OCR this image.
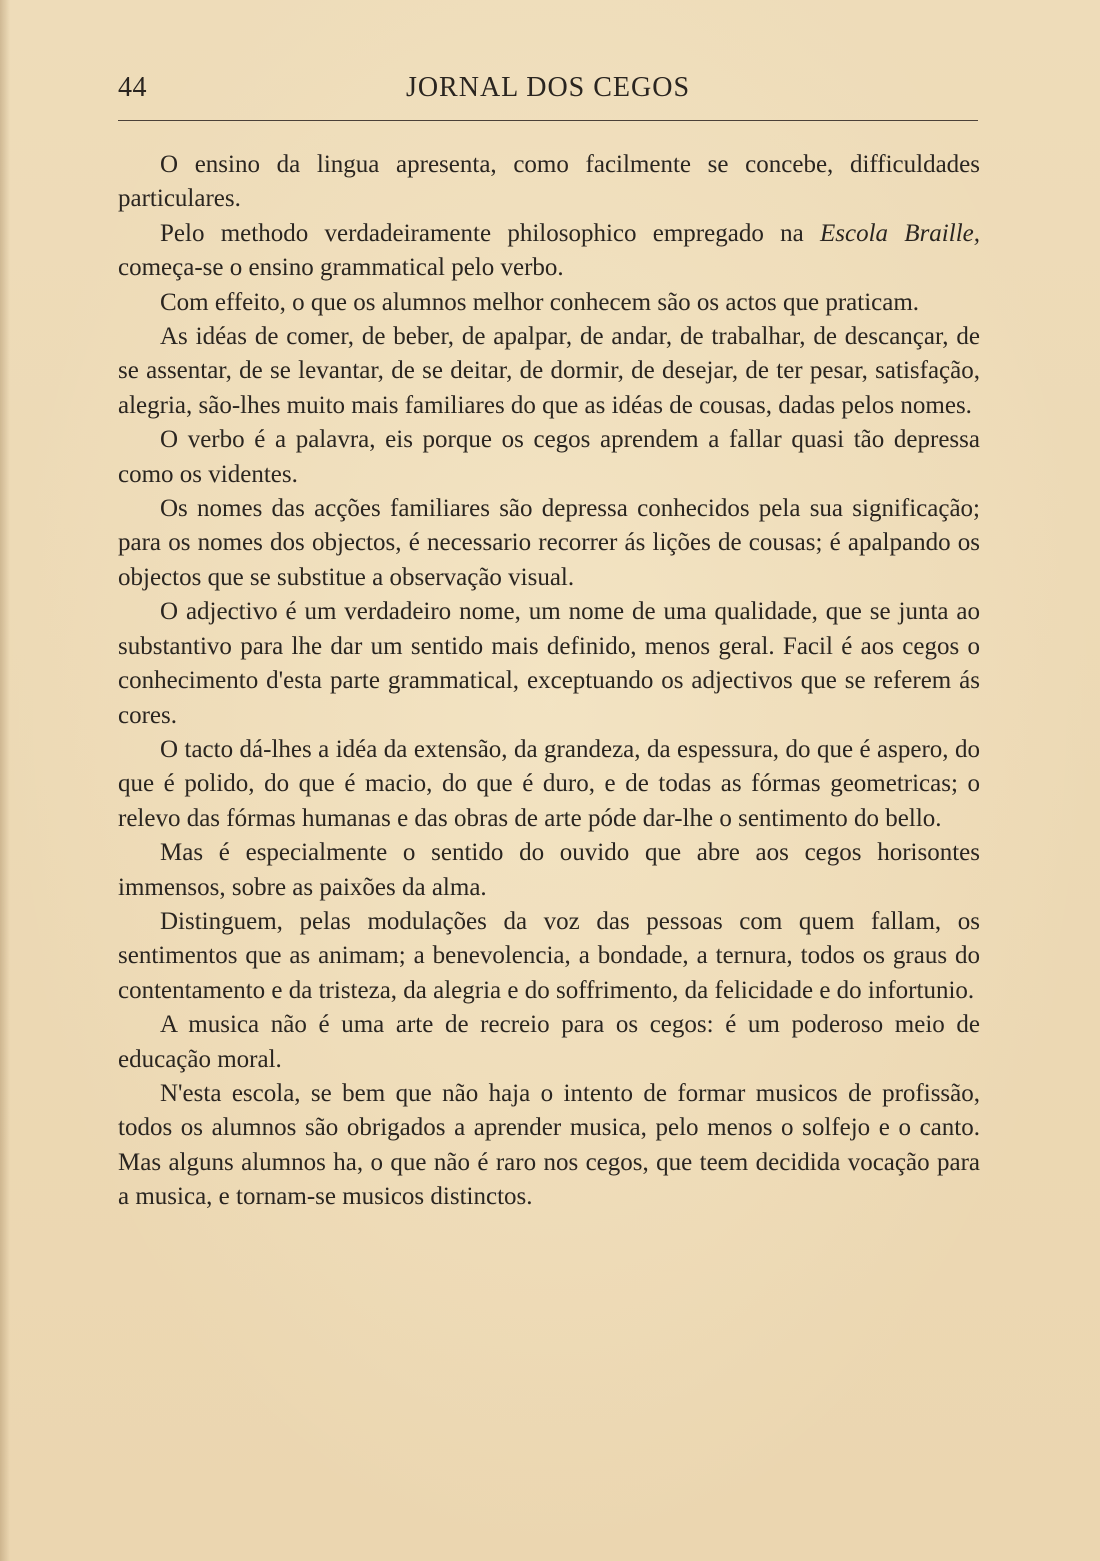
44	JORNAL DOS CEGOS

O ensino da lingua apresenta, como facilmente se concebe, difficuldades particulares.

Pelo methodo verdadeiramente philosophico empregado na Escola Braille, começa-se o ensino grammatical pelo verbo.

Com effeito, o que os alumnos melhor conhecem são os actos que praticam.

As idéas de comer, de beber, de apalpar, de andar, de trabalhar, de descançar, de se assentar, de se levantar, de se deitar, de dormir, de desejar, de ter pesar, satisfação, alegria, são-lhes muito mais familiares do que as idéas de cousas, dadas pelos nomes.

O verbo é a palavra, eis porque os cegos aprendem a fallar quasi tão depressa como os videntes.

Os nomes das acções familiares são depressa conhecidos pela sua significação; para os nomes dos objectos, é necessario recorrer ás lições de cousas; é apalpando os objectos que se substitue a observação visual.

O adjectivo é um verdadeiro nome, um nome de uma qualidade, que se junta ao substantivo para lhe dar um sentido mais definido, menos geral. Facil é aos cegos o conhecimento d'esta parte grammatical, exceptuando os adjectivos que se referem ás cores.

O tacto dá-lhes a idéa da extensão, da grandeza, da espessura, do que é aspero, do que é polido, do que é macio, do que é duro, e de todas as fórmas geometricas; o relevo das fórmas humanas e das obras de arte póde dar-lhe o sentimento do bello.

Mas é especialmente o sentido do ouvido que abre aos cegos horisontes immensos, sobre as paixões da alma.

Distinguem, pelas modulações da voz das pessoas com quem fallam, os sentimentos que as animam; a benevolencia, a bondade, a ternura, todos os graus do contentamento e da tristeza, da alegria e do soffrimento, da felicidade e do infortunio.

A musica não é uma arte de recreio para os cegos: é um poderoso meio de educação moral.

N'esta escola, se bem que não haja o intento de formar musicos de profissão, todos os alumnos são obrigados a aprender musica, pelo menos o solfejo e o canto. Mas alguns alumnos ha, o que não é raro nos cegos, que teem decidida vocação para a musica, e tornam-se musicos distinctos.
